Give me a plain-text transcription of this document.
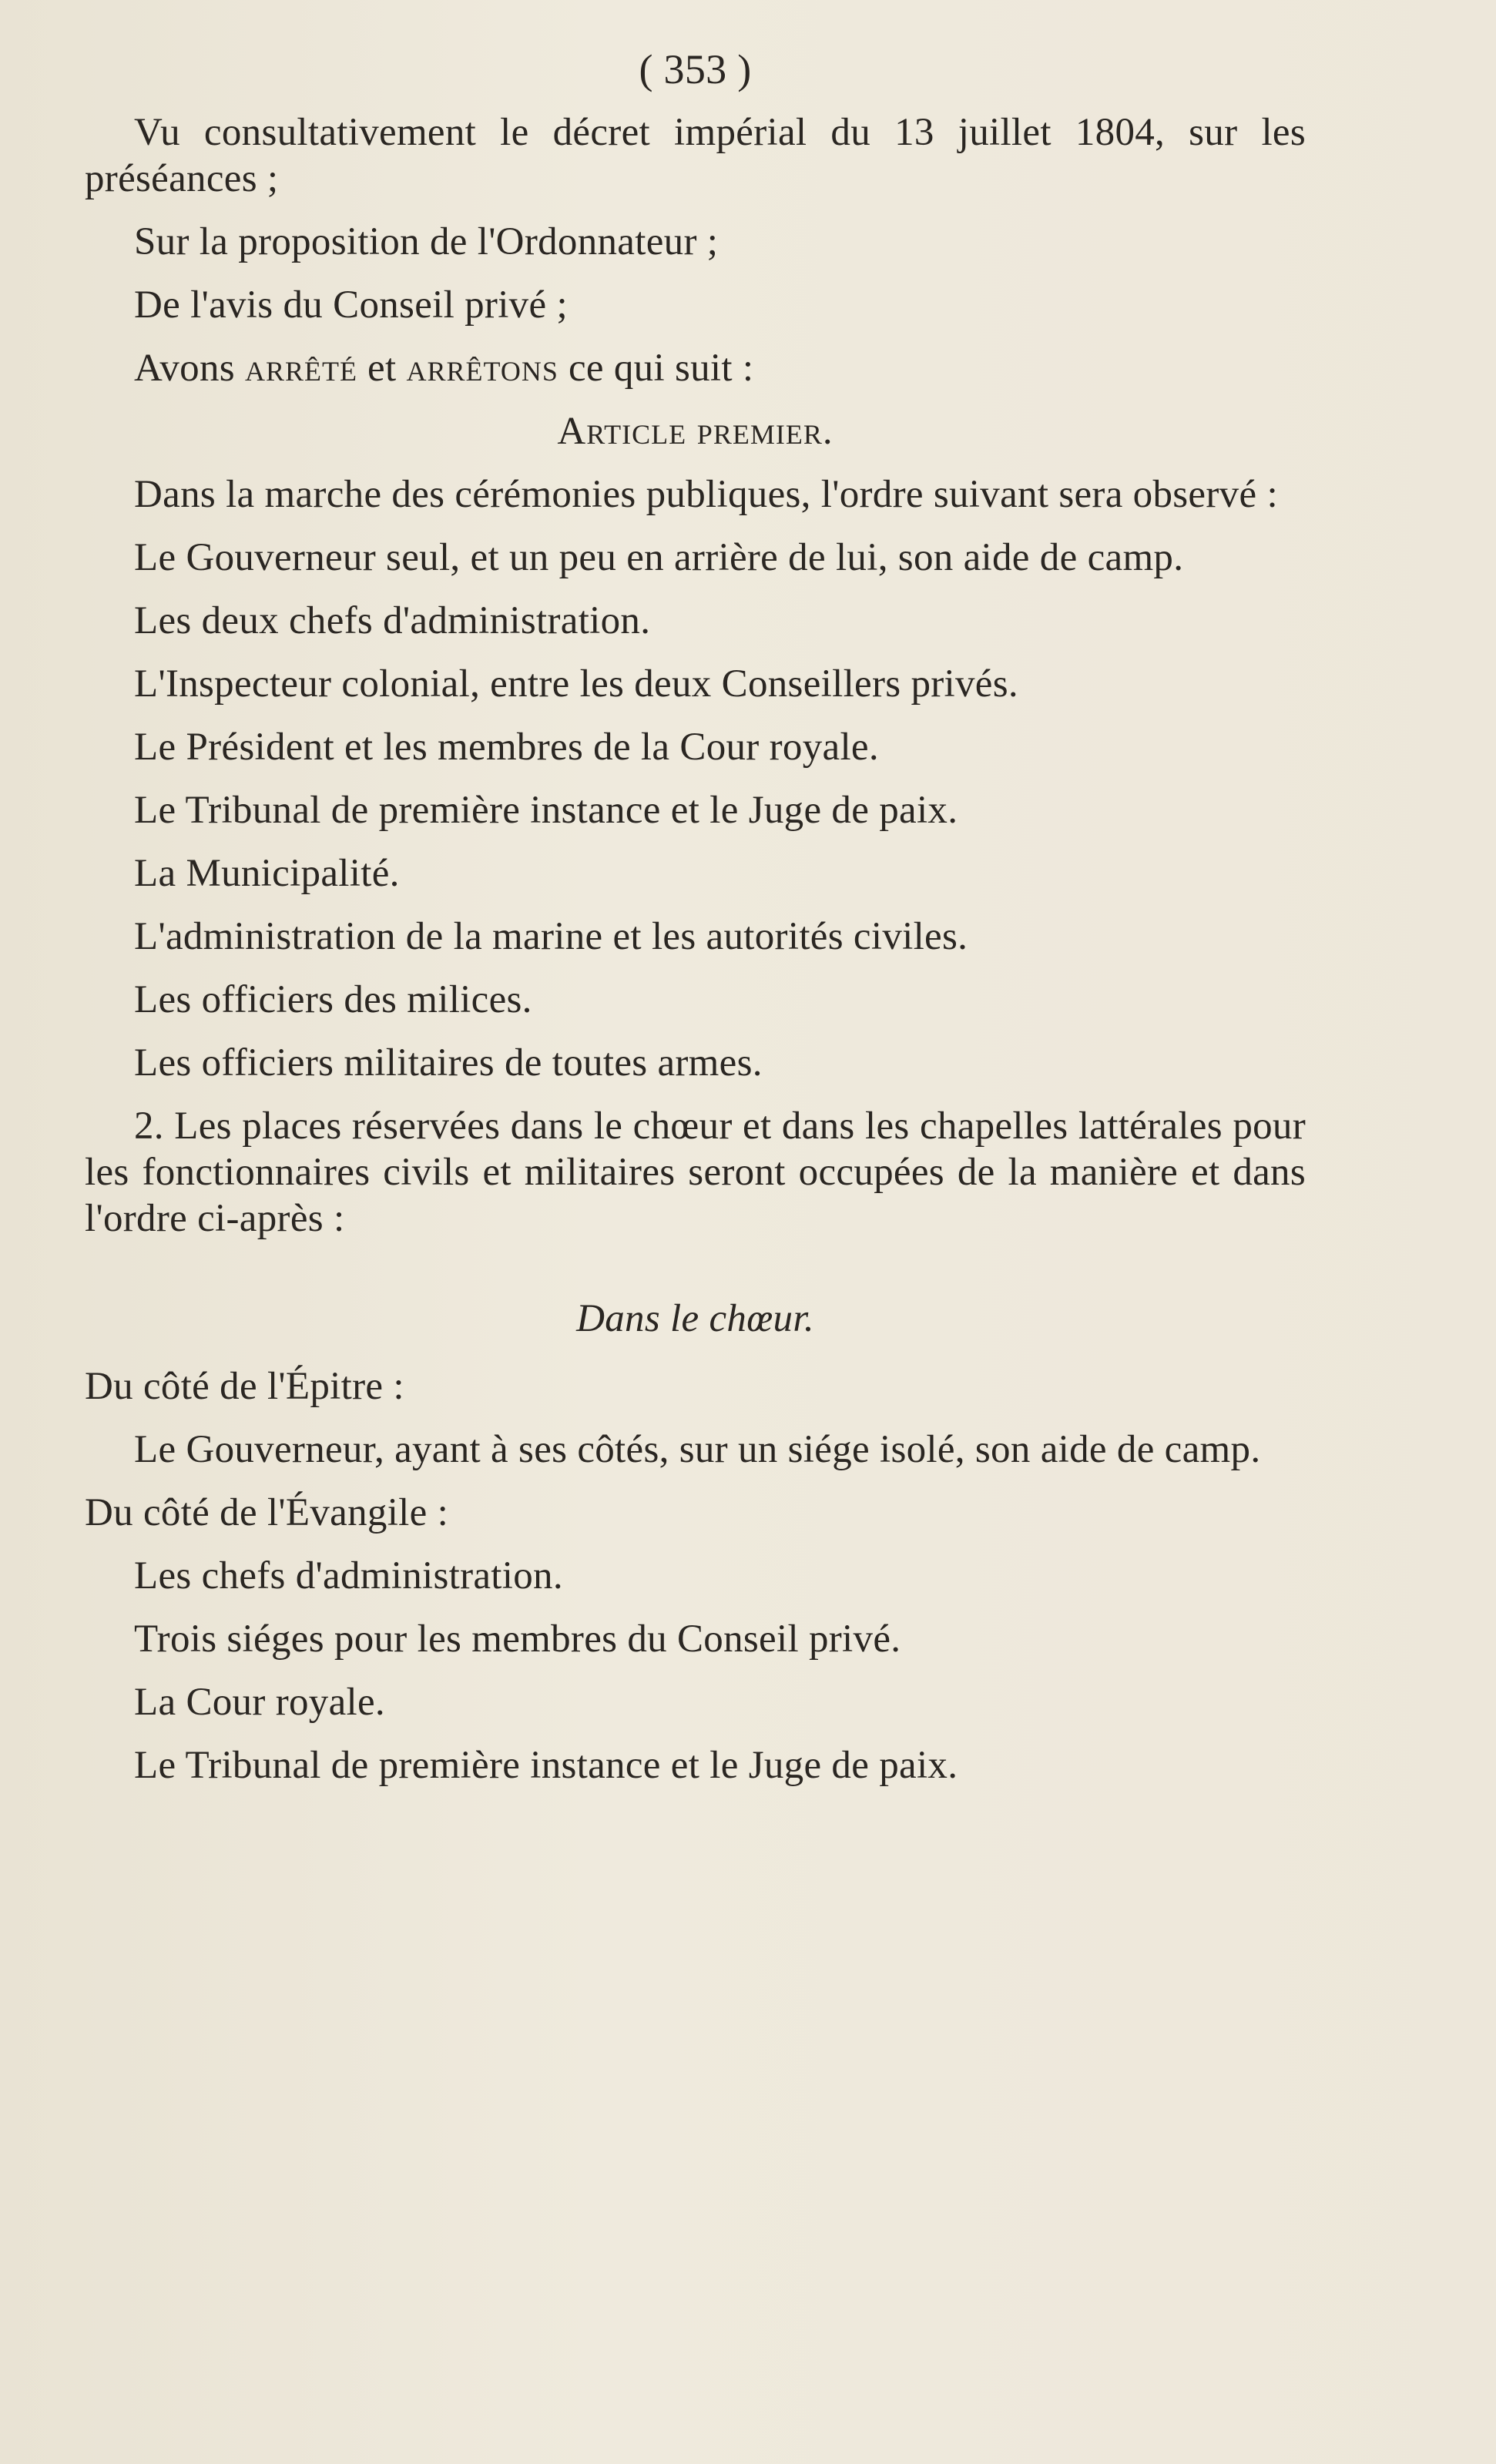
( 353 )
Vu consultativement le décret impérial du 13 juillet 1804, sur les préséances ;
Sur la proposition de l'Ordonnateur ;
De l'avis du Conseil privé ;
Avons arrêté et arrêtons ce qui suit :
Article premier.
Dans la marche des cérémonies publiques, l'ordre suivant sera observé :
Le Gouverneur seul, et un peu en arrière de lui, son aide de camp.
Les deux chefs d'administration.
L'Inspecteur colonial, entre les deux Conseillers privés.
Le Président et les membres de la Cour royale.
Le Tribunal de première instance et le Juge de paix.
La Municipalité.
L'administration de la marine et les autorités civiles.
Les officiers des milices.
Les officiers militaires de toutes armes.
2. Les places réservées dans le chœur et dans les chapelles lattérales pour les fonctionnaires civils et militaires seront occupées de la manière et dans l'ordre ci-après :
Dans le chœur.
Du côté de l'Épitre :
Le Gouverneur, ayant à ses côtés, sur un siége isolé, son aide de camp.
Du côté de l'Évangile :
Les chefs d'administration.
Trois siéges pour les membres du Conseil privé.
La Cour royale.
Le Tribunal de première instance et le Juge de paix.
